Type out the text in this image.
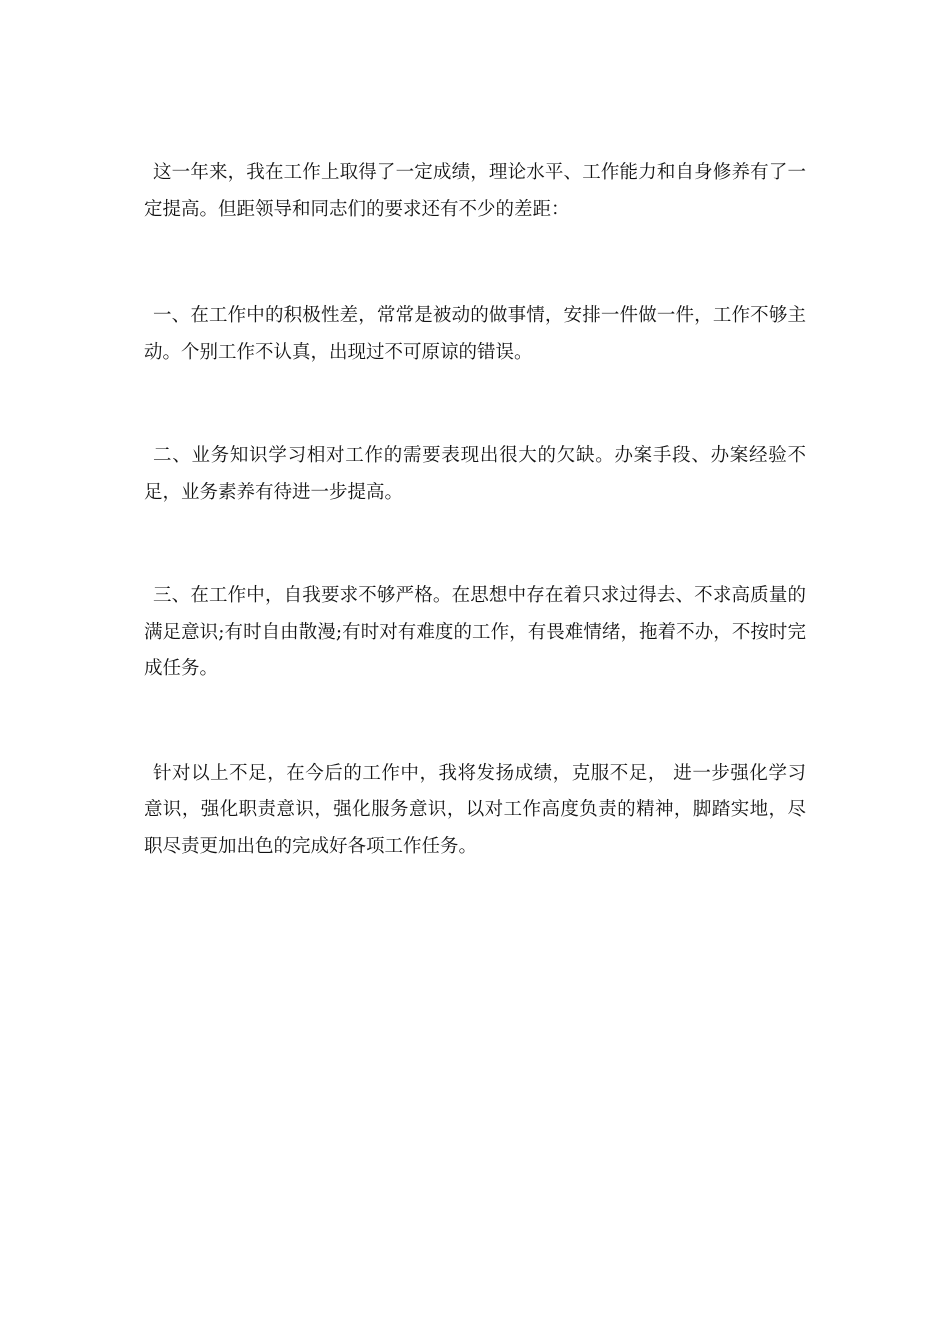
这一年来，我在工作上取得了一定成绩，理论水平、工作能力和自身修养有了一定提高。但距领导和同志们的要求还有不少的差距：

一、在工作中的积极性差，常常是被动的做事情，安排一件做一件，工作不够主动。个别工作不认真，出现过不可原谅的错误。

二、业务知识学习相对工作的需要表现出很大的欠缺。办案手段、办案经验不足，业务素养有待进一步提高。

三、在工作中，自我要求不够严格。在思想中存在着只求过得去、不求高质量的满足意识;有时自由散漫;有时对有难度的工作，有畏难情绪，拖着不办，不按时完成任务。

针对以上不足，在今后的工作中，我将发扬成绩，克服不足， 进一步强化学习意识，强化职责意识，强化服务意识，以对工作高度负责的精神，脚踏实地，尽职尽责更加出色的完成好各项工作任务。
